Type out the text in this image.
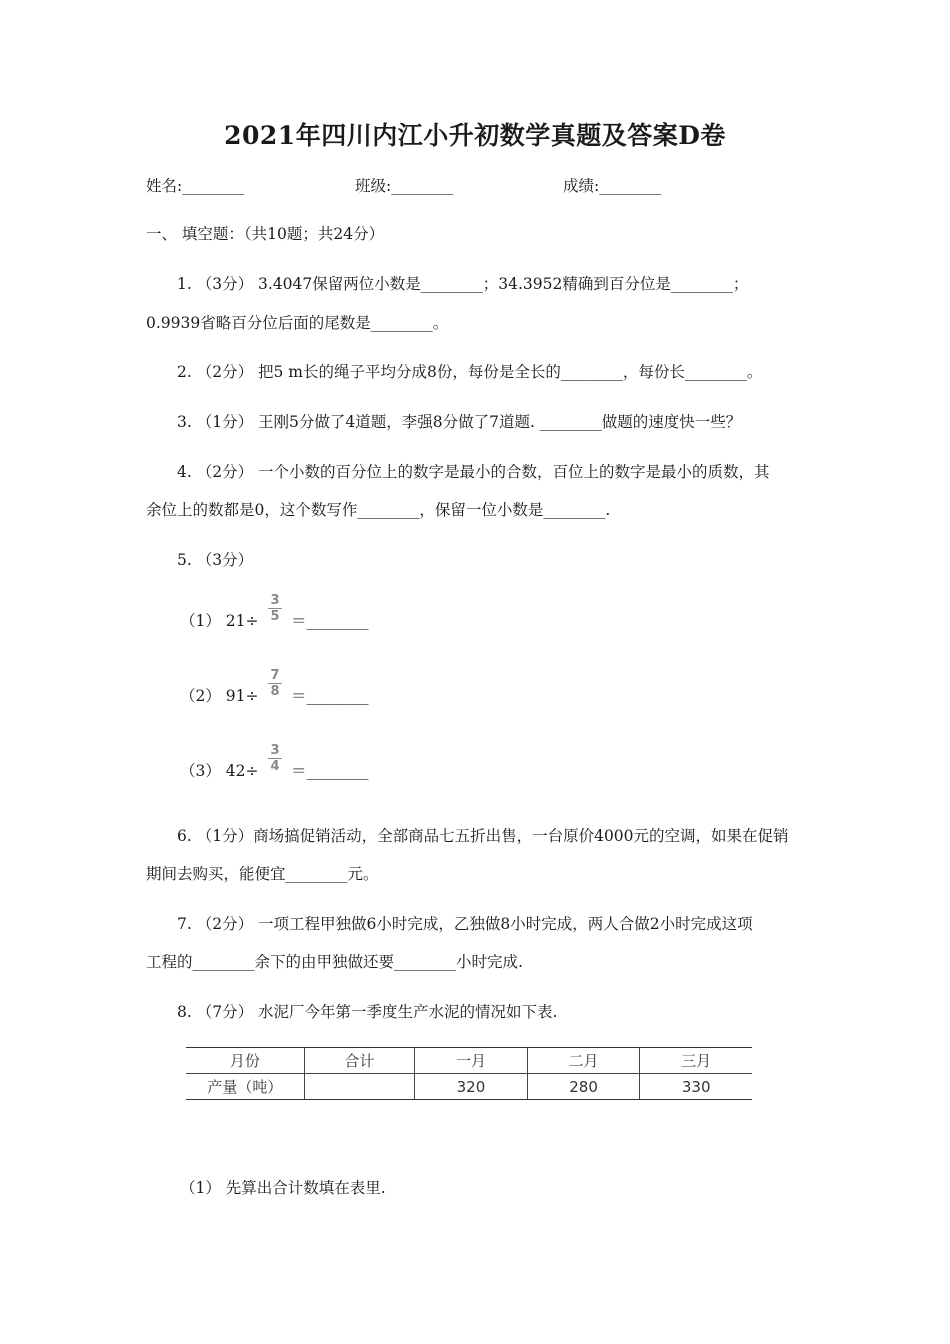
2021年四川内江小升初数学真题及答案D卷
姓名:________	班级:________	成绩:________
一、 填空题：（共10题；共24分）
1. （3分） 3.4047保留两位小数是________；34.3952精确到百分位是________；
0.9939省略百分位后面的尾数是________。
2. （2分） 把5 m长的绳子平均分成8份，每份是全长的________，每份长________。
3. （1分） 王刚5分做了4道题，李强8分做了7道题. ________做题的速度快一些？
4. （2分） 一个小数的百分位上的数字是最小的合数，百位上的数字是最小的质数，其
余位上的数都是0，这个数写作________，保留一位小数是________.
5. （3分）
（1） 21÷
3
5 ＝________
（2） 91÷
7
8 ＝________
（3） 42÷
3
4 ＝________
6. （1分）商场搞促销活动，全部商品七五折出售，一台原价4000元的空调，如果在促销
期间去购买，能便宜________元。
7. （2分） 一项工程甲独做6小时完成，乙独做8小时完成，两人合做2小时完成这项
工程的________余下的由甲独做还要________小时完成.
8. （7分） 水泥厂今年第一季度生产水泥的情况如下表.
月份	合计	一月	二月	三月
产量（吨）		320	280	330
（1） 先算出合计数填在表里.
